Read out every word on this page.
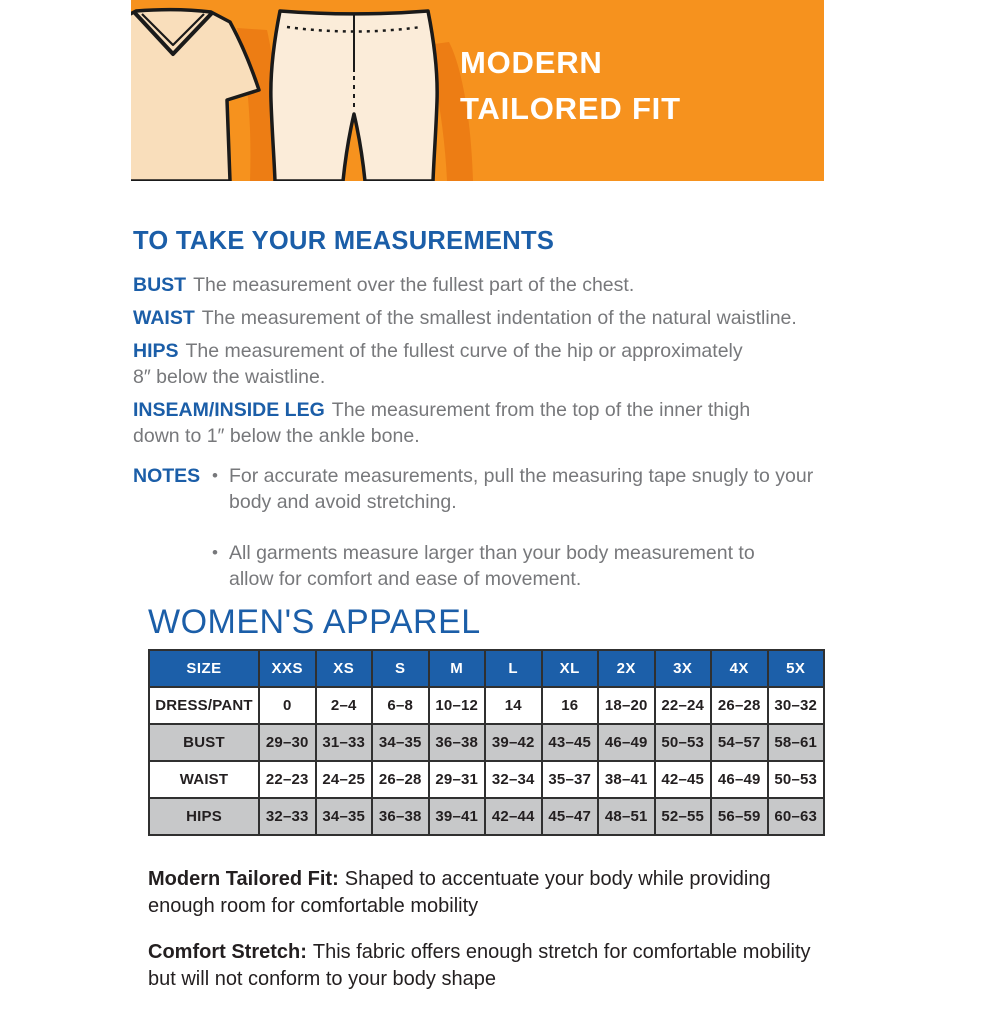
MODERN
TAILORED FIT
TO TAKE YOUR MEASUREMENTS
BUST The measurement over the fullest part of the chest.
WAIST The measurement of the smallest indentation of the natural waistline.
HIPS The measurement of the fullest curve of the hip or approximately
8″ below the waistline.
INSEAM/INSIDE LEG The measurement from the top of the inner thigh
down to 1″ below the ankle bone.
NOTES • For accurate measurements, pull the measuring tape snugly to your
body and avoid stretching.
• All garments measure larger than your body measurement to
allow for comfort and ease of movement.
WOMEN'S APPAREL
SIZE	XXS	XS	S	M	L	XL	2X	3X	4X	5X
DRESS/PANT	0	2–4	6–8	10–12	14	16	18–20	22–24	26–28	30–32
BUST	29–30	31–33	34–35	36–38	39–42	43–45	46–49	50–53	54–57	58–61
WAIST	22–23	24–25	26–28	29–31	32–34	35–37	38–41	42–45	46–49	50–53
HIPS	32–33	34–35	36–38	39–41	42–44	45–47	48–51	52–55	56–59	60–63
Modern Tailored Fit: Shaped to accentuate your body while providing
enough room for comfortable mobility
Comfort Stretch: This fabric offers enough stretch for comfortable mobility
but will not conform to your body shape
